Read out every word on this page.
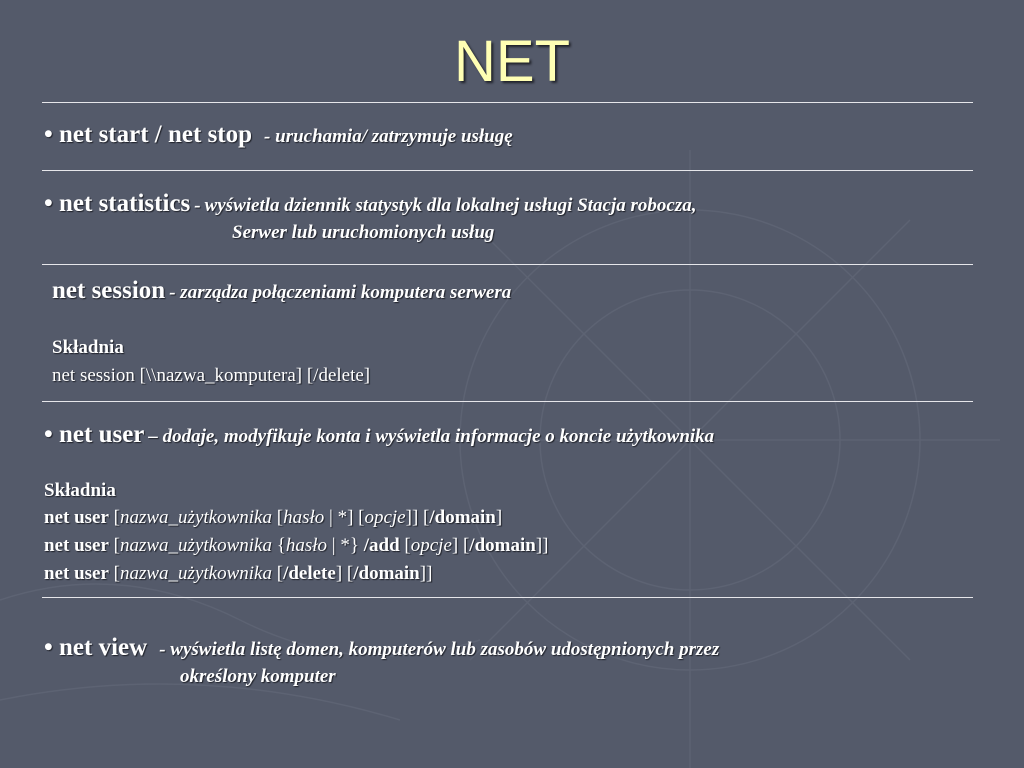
NET
• net start / net stop - uruchamia/ zatrzymuje usługę
• net statistics - wyświetla dziennik statystyk dla lokalnej usługi Stacja robocza,
Serwer lub uruchomionych usług
net session - zarządza połączeniami komputera serwera
Składnia
net session [\\nazwa_komputera] [/delete]
• net user – dodaje, modyfikuje konta i wyświetla informacje o koncie użytkownika
Składnia
net user [nazwa_użytkownika [hasło | *] [opcje]] [/domain]
net user [nazwa_użytkownika {hasło | *} /add [opcje] [/domain]]
net user [nazwa_użytkownika [/delete] [/domain]]
• net view - wyświetla listę domen, komputerów lub zasobów udostępnionych przez
określony komputer
